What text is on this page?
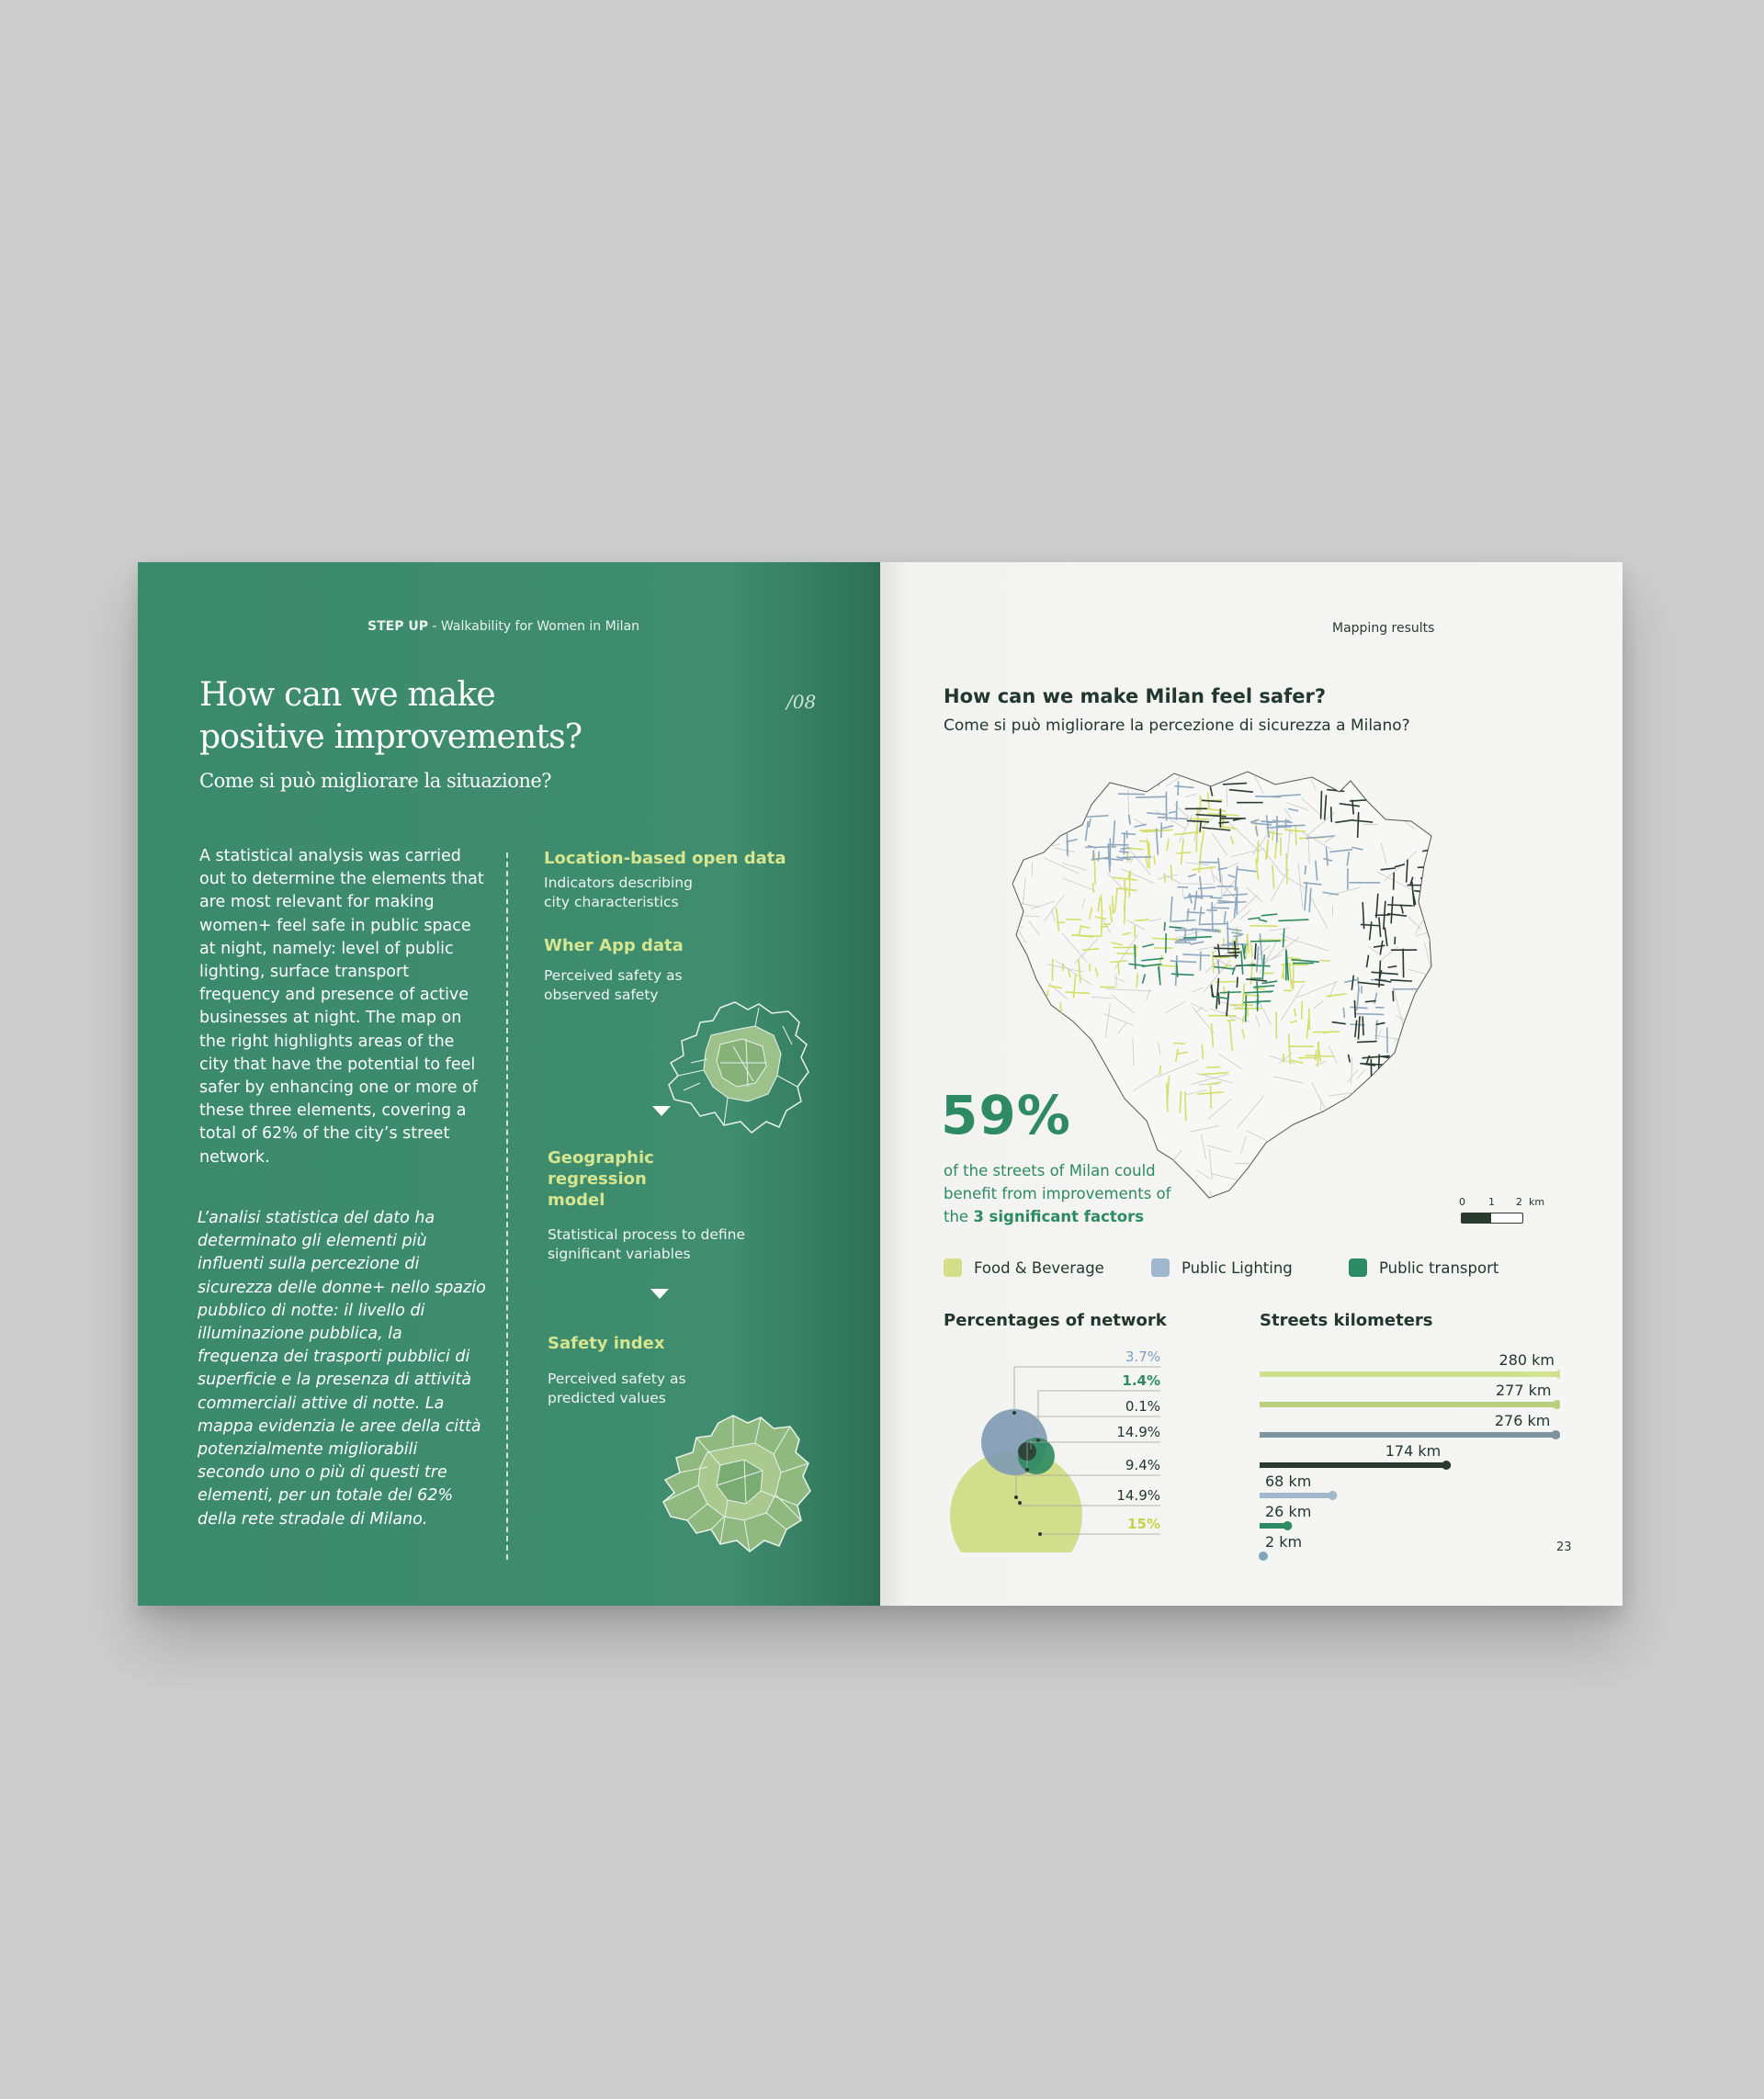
STEP UP - Walkability for Women in Milan
How can we make positive improvements?
Come si può migliorare la situazione?
/08
A statistical analysis was carried out to determine the elements that are most relevant for making women+ feel safe in public space at night, namely: level of public lighting, surface transport frequency and presence of active businesses at night. The map on the right highlights areas of the city that have the potential to feel safer by enhancing one or more of these three elements, covering a total of 62% of the city’s street network.
L’analisi statistica del dato ha determinato gli elementi più influenti sulla percezione di sicurezza delle donne+ nello spazio pubblico di notte: il livello di illuminazione pubblica, la frequenza dei trasporti pubblici di superficie e la presenza di attività commerciali attive di notte. La mappa evidenzia le aree della città potenzialmente migliorabili secondo uno o più di questi tre elementi, per un totale del 62% della rete stradale di Milano.
Location-based open data
Indicators describing city characteristics
Wher App data
Perceived safety as observed safety
Geographic regression model
Statistical process to define significant variables
Safety index
Perceived safety as predicted values
Mapping results
How can we make Milan feel safer?
Come si può migliorare la percezione di sicurezza a Milano?
59%
of the streets of Milan could benefit from improvements of the 3 significant factors
0 1 2 km
Food & Beverage	Public Lighting	Public transport
Percentages of network
3.7%
1.4%
0.1%
14.9%
9.4%
14.9%
15%
Streets kilometers
280 km
277 km
276 km
174 km
68 km
26 km
2 km	23
